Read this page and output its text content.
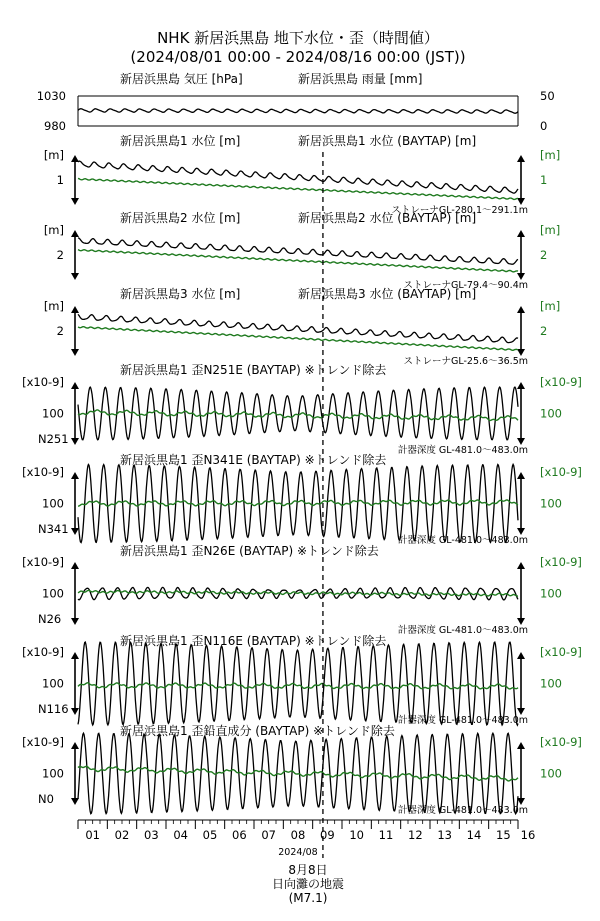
NHK 新居浜黒島 地下水位・歪（時間値）
(2024/08/01 00:00 - 2024/08/16 00:00 (JST))
新居浜黒島 気圧 [hPa]	新居浜黒島 雨量 [mm]
1030
980
50
0
新居浜黒島1 水位 [m]	新居浜黒島1 水位 (BAYTAP) [m]
[m]
1
[m]
1
ストレーナGL-280.1～291.1m
新居浜黒島2 水位 [m]	新居浜黒島2 水位 (BAYTAP) [m]
[m]
2
[m]
2
ストレーナGL-79.4～90.4m
新居浜黒島3 水位 [m]	新居浜黒島3 水位 (BAYTAP) [m]
[m]
2
[m]
2
ストレーナGL-25.6～36.5m
新居浜黒島1 歪N251E (BAYTAP) ※トレンド除去
[x10-9]
100
[x10-9]
100
N251
計器深度 GL-481.0～483.0m
新居浜黒島1 歪N341E (BAYTAP) ※トレンド除去
[x10-9]
100
[x10-9]
100
N341
計器深度 GL-481.0～483.0m
新居浜黒島1 歪N26E (BAYTAP) ※トレンド除去
[x10-9]
100
[x10-9]
100
N26
計器深度 GL-481.0～483.0m
新居浜黒島1 歪N116E (BAYTAP) ※トレンド除去
[x10-9]
100
[x10-9]
100
N116
計器深度 GL-481.0～483.0m
新居浜黒島1 歪鉛直成分 (BAYTAP) ※トレンド除去
[x10-9]
100
[x10-9]
100
N0
計器深度 GL-481.0～483.0m
01 02 03 04 05 06 07 08 09 10 11 12 13 14 15 16
2024/08
8月8日
日向灘の地震
(M7.1)
